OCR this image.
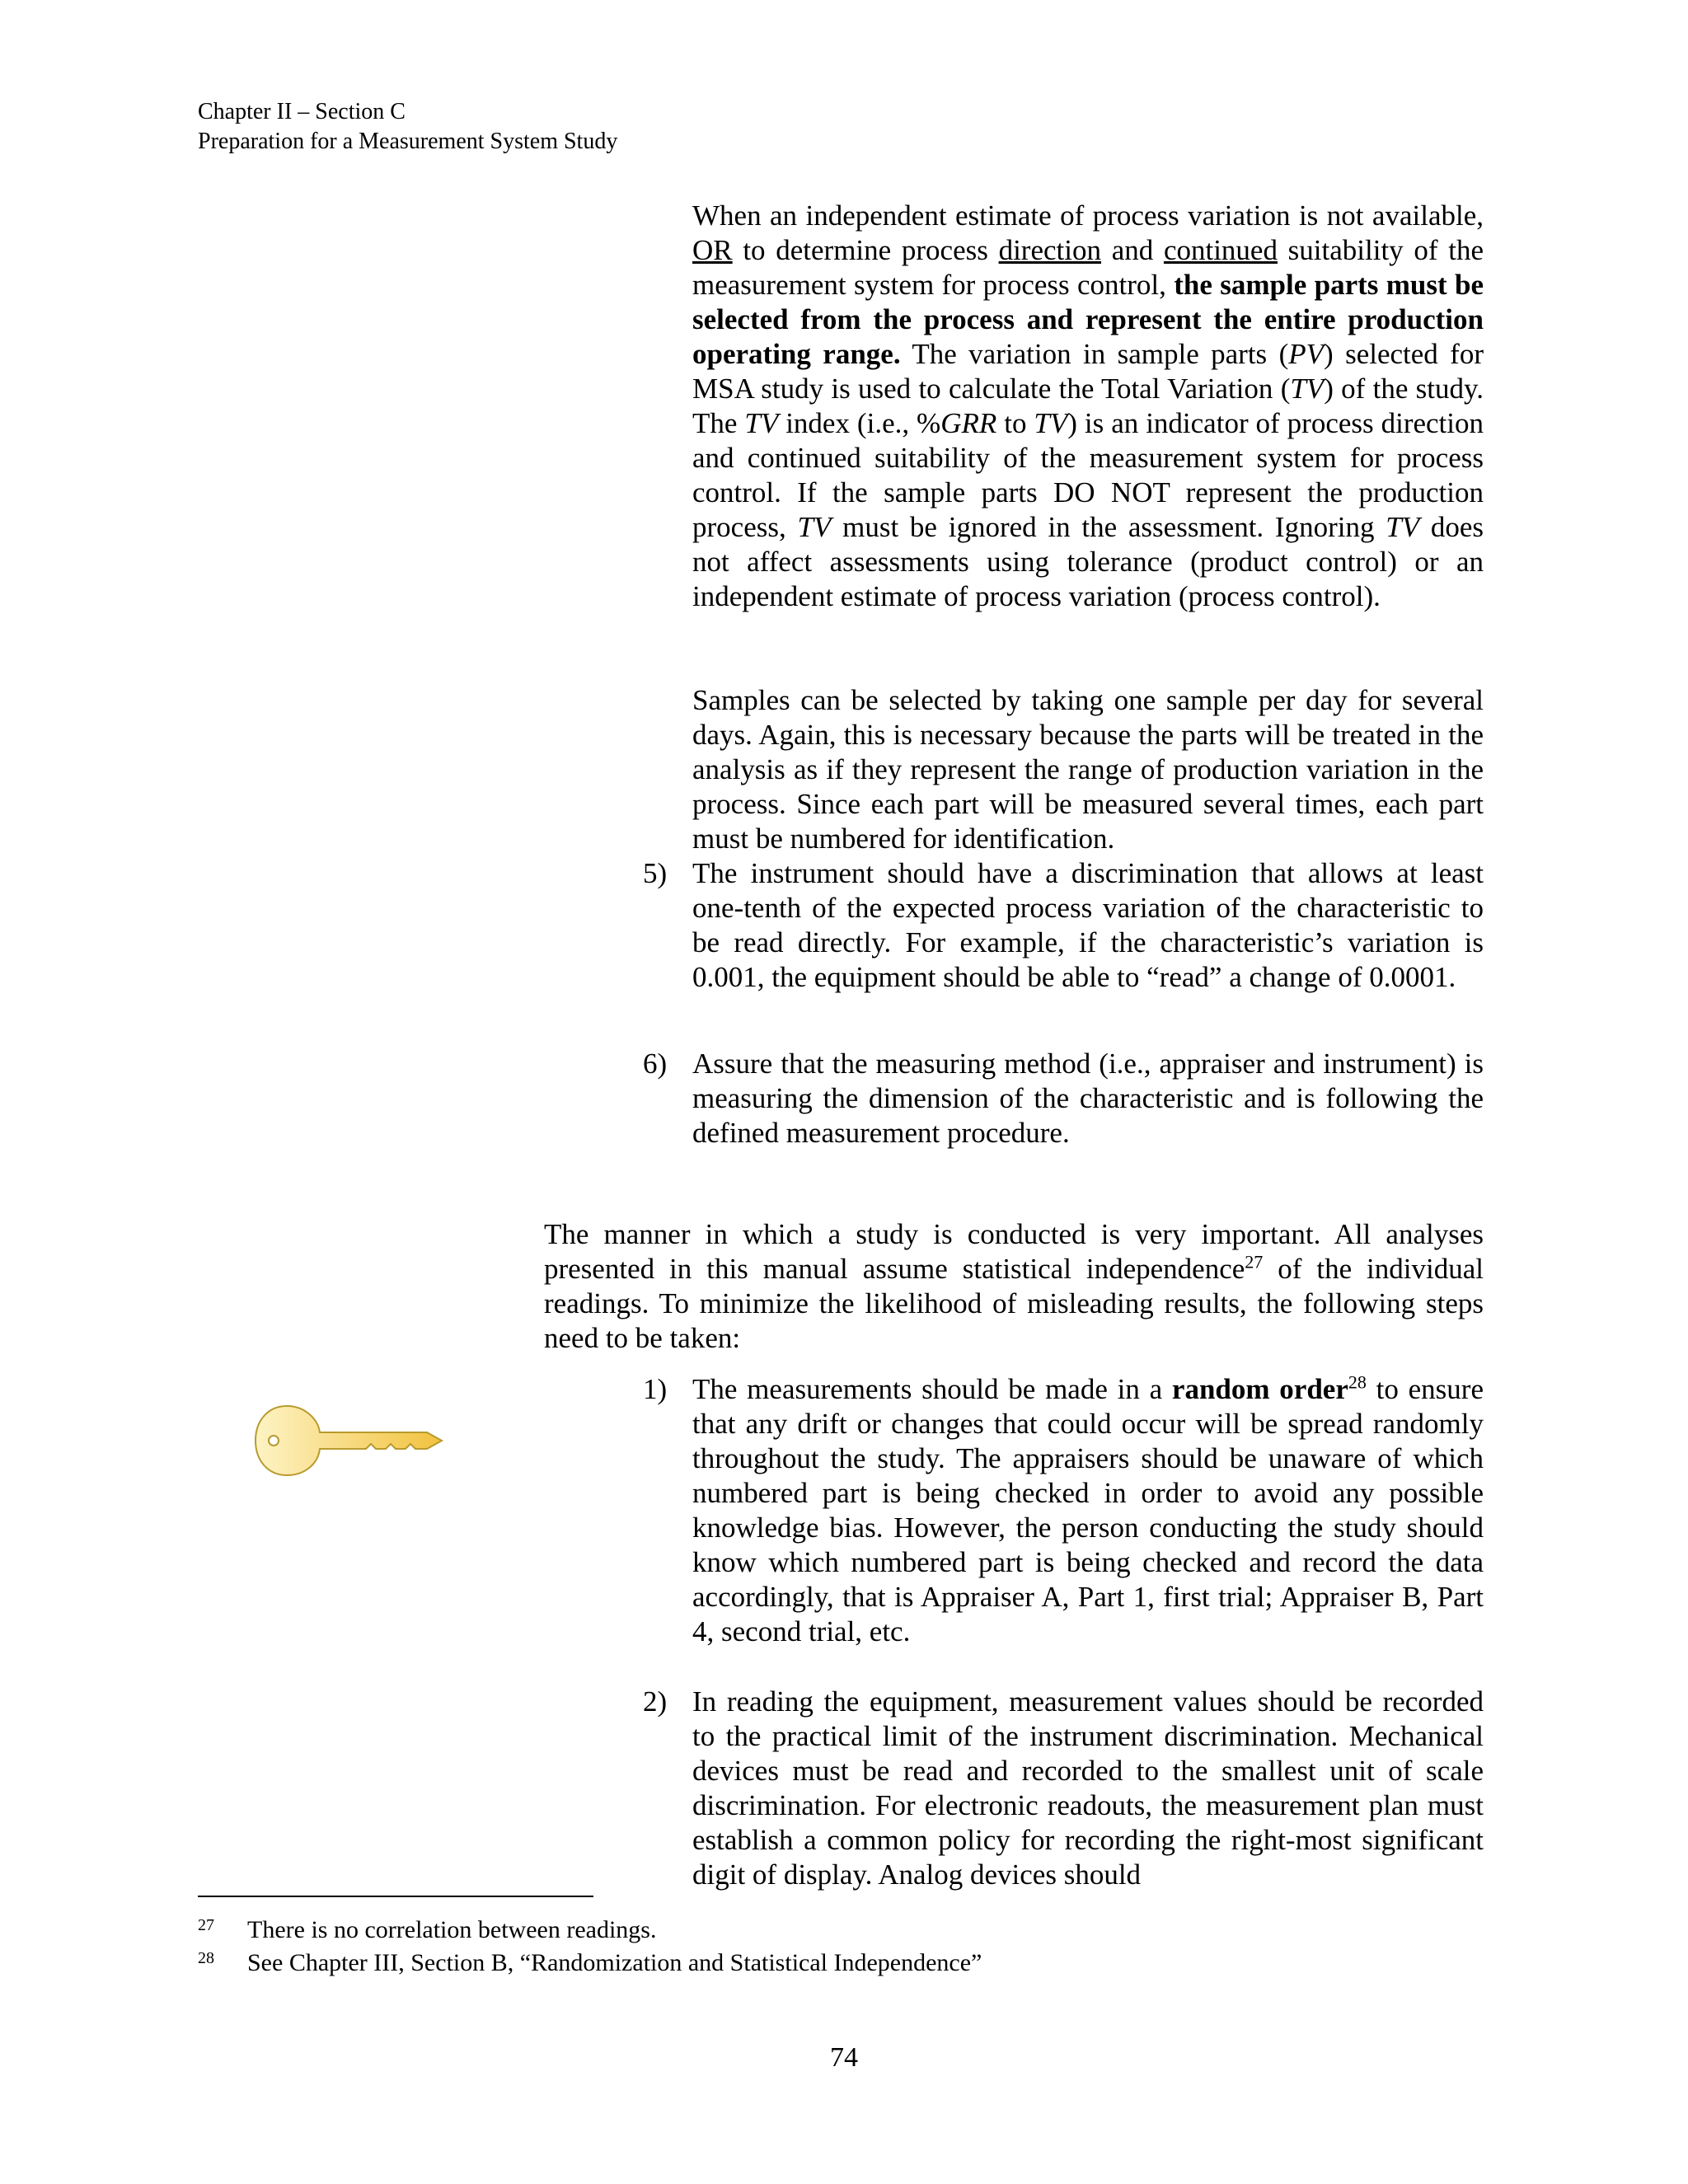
Chapter II – Section C
Preparation for a Measurement System Study

When an independent estimate of process variation is not available, OR to determine process direction and continued suitability of the measurement system for process control, the sample parts must be selected from the process and represent the entire production operating range. The variation in sample parts (PV) selected for MSA study is used to calculate the Total Variation (TV) of the study. The TV index (i.e., %GRR to TV) is an indicator of process direction and continued suitability of the measurement system for process control. If the sample parts DO NOT represent the production process, TV must be ignored in the assessment. Ignoring TV does not affect assessments using tolerance (product control) or an independent estimate of process variation (process control).

Samples can be selected by taking one sample per day for several days. Again, this is necessary because the parts will be treated in the analysis as if they represent the range of production variation in the process. Since each part will be measured several times, each part must be numbered for identification.

5) The instrument should have a discrimination that allows at least one-tenth of the expected process variation of the characteristic to be read directly. For example, if the characteristic’s variation is 0.001, the equipment should be able to “read” a change of 0.0001.
6) Assure that the measuring method (i.e., appraiser and instrument) is measuring the dimension of the characteristic and is following the defined measurement procedure.
The manner in which a study is conducted is very important. All analyses presented in this manual assume statistical independence$^{27}$ of the individual readings. To minimize the likelihood of misleading results, the following steps need to be taken:
1) The measurements should be made in a random order$^{28}$ to ensure that any drift or changes that could occur will be spread randomly throughout the study. The appraisers should be unaware of which numbered part is being checked in order to avoid any possible knowledge bias. However, the person conducting the study should know which numbered part is being checked and record the data accordingly, that is Appraiser A, Part 1, first trial; Appraiser B, Part 4, second trial, etc.
2) In reading the equipment, measurement values should be recorded to the practical limit of the instrument discrimination. Mechanical devices must be read and recorded to the smallest unit of scale discrimination. For electronic readouts, the measurement plan must establish a common policy for recording the right-most significant digit of display. Analog devices should
27 There is no correlation between readings.
28 See Chapter III, Section B, “Randomization and Statistical Independence”
74
